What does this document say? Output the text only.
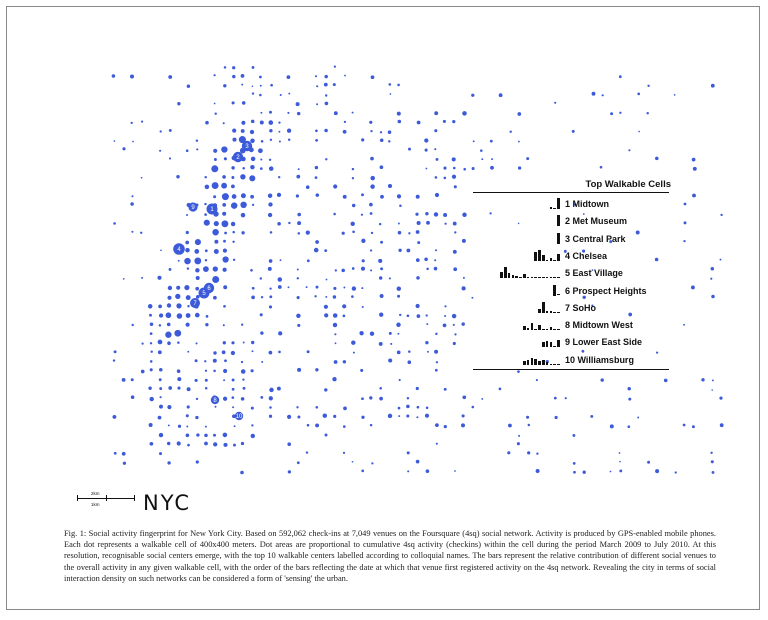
1
2
3
4
5
6
7
8
9
10
Top Walkable Cells
1 Midtown
2 Met Museum
3 Central Park
4 Chelsea
5 East Village
6 Prospect Heights
7 SoHo
8 Midtown West
9 Lower East Side
10 Williamsburg
2km
1km NYC
Fig. 1: Social activity fingerprint for New York City. Based on 592,062 check-ins at 7,049 venues on the Foursquare (4sq) social network. Activity is produced by GPS-enabled mobile phones. Each dot represents a walkable cell of 400x400 meters. Dot areas are proportional to cumulative 4sq activity (checkins) within the cell during the period March 2009 to July 2010. At this resolution, recognisable social centers emerge, with the top 10 walkable centers labelled according to colloquial names. The bars represent the relative contribution of different social venues to the overall activity in any given walkable cell, with the order of the bars reflecting the date at which that venue first registered activity on the 4sq network. Revealing the city in terms of social interaction density on such networks can be considered a form of 'sensing' the urban.
